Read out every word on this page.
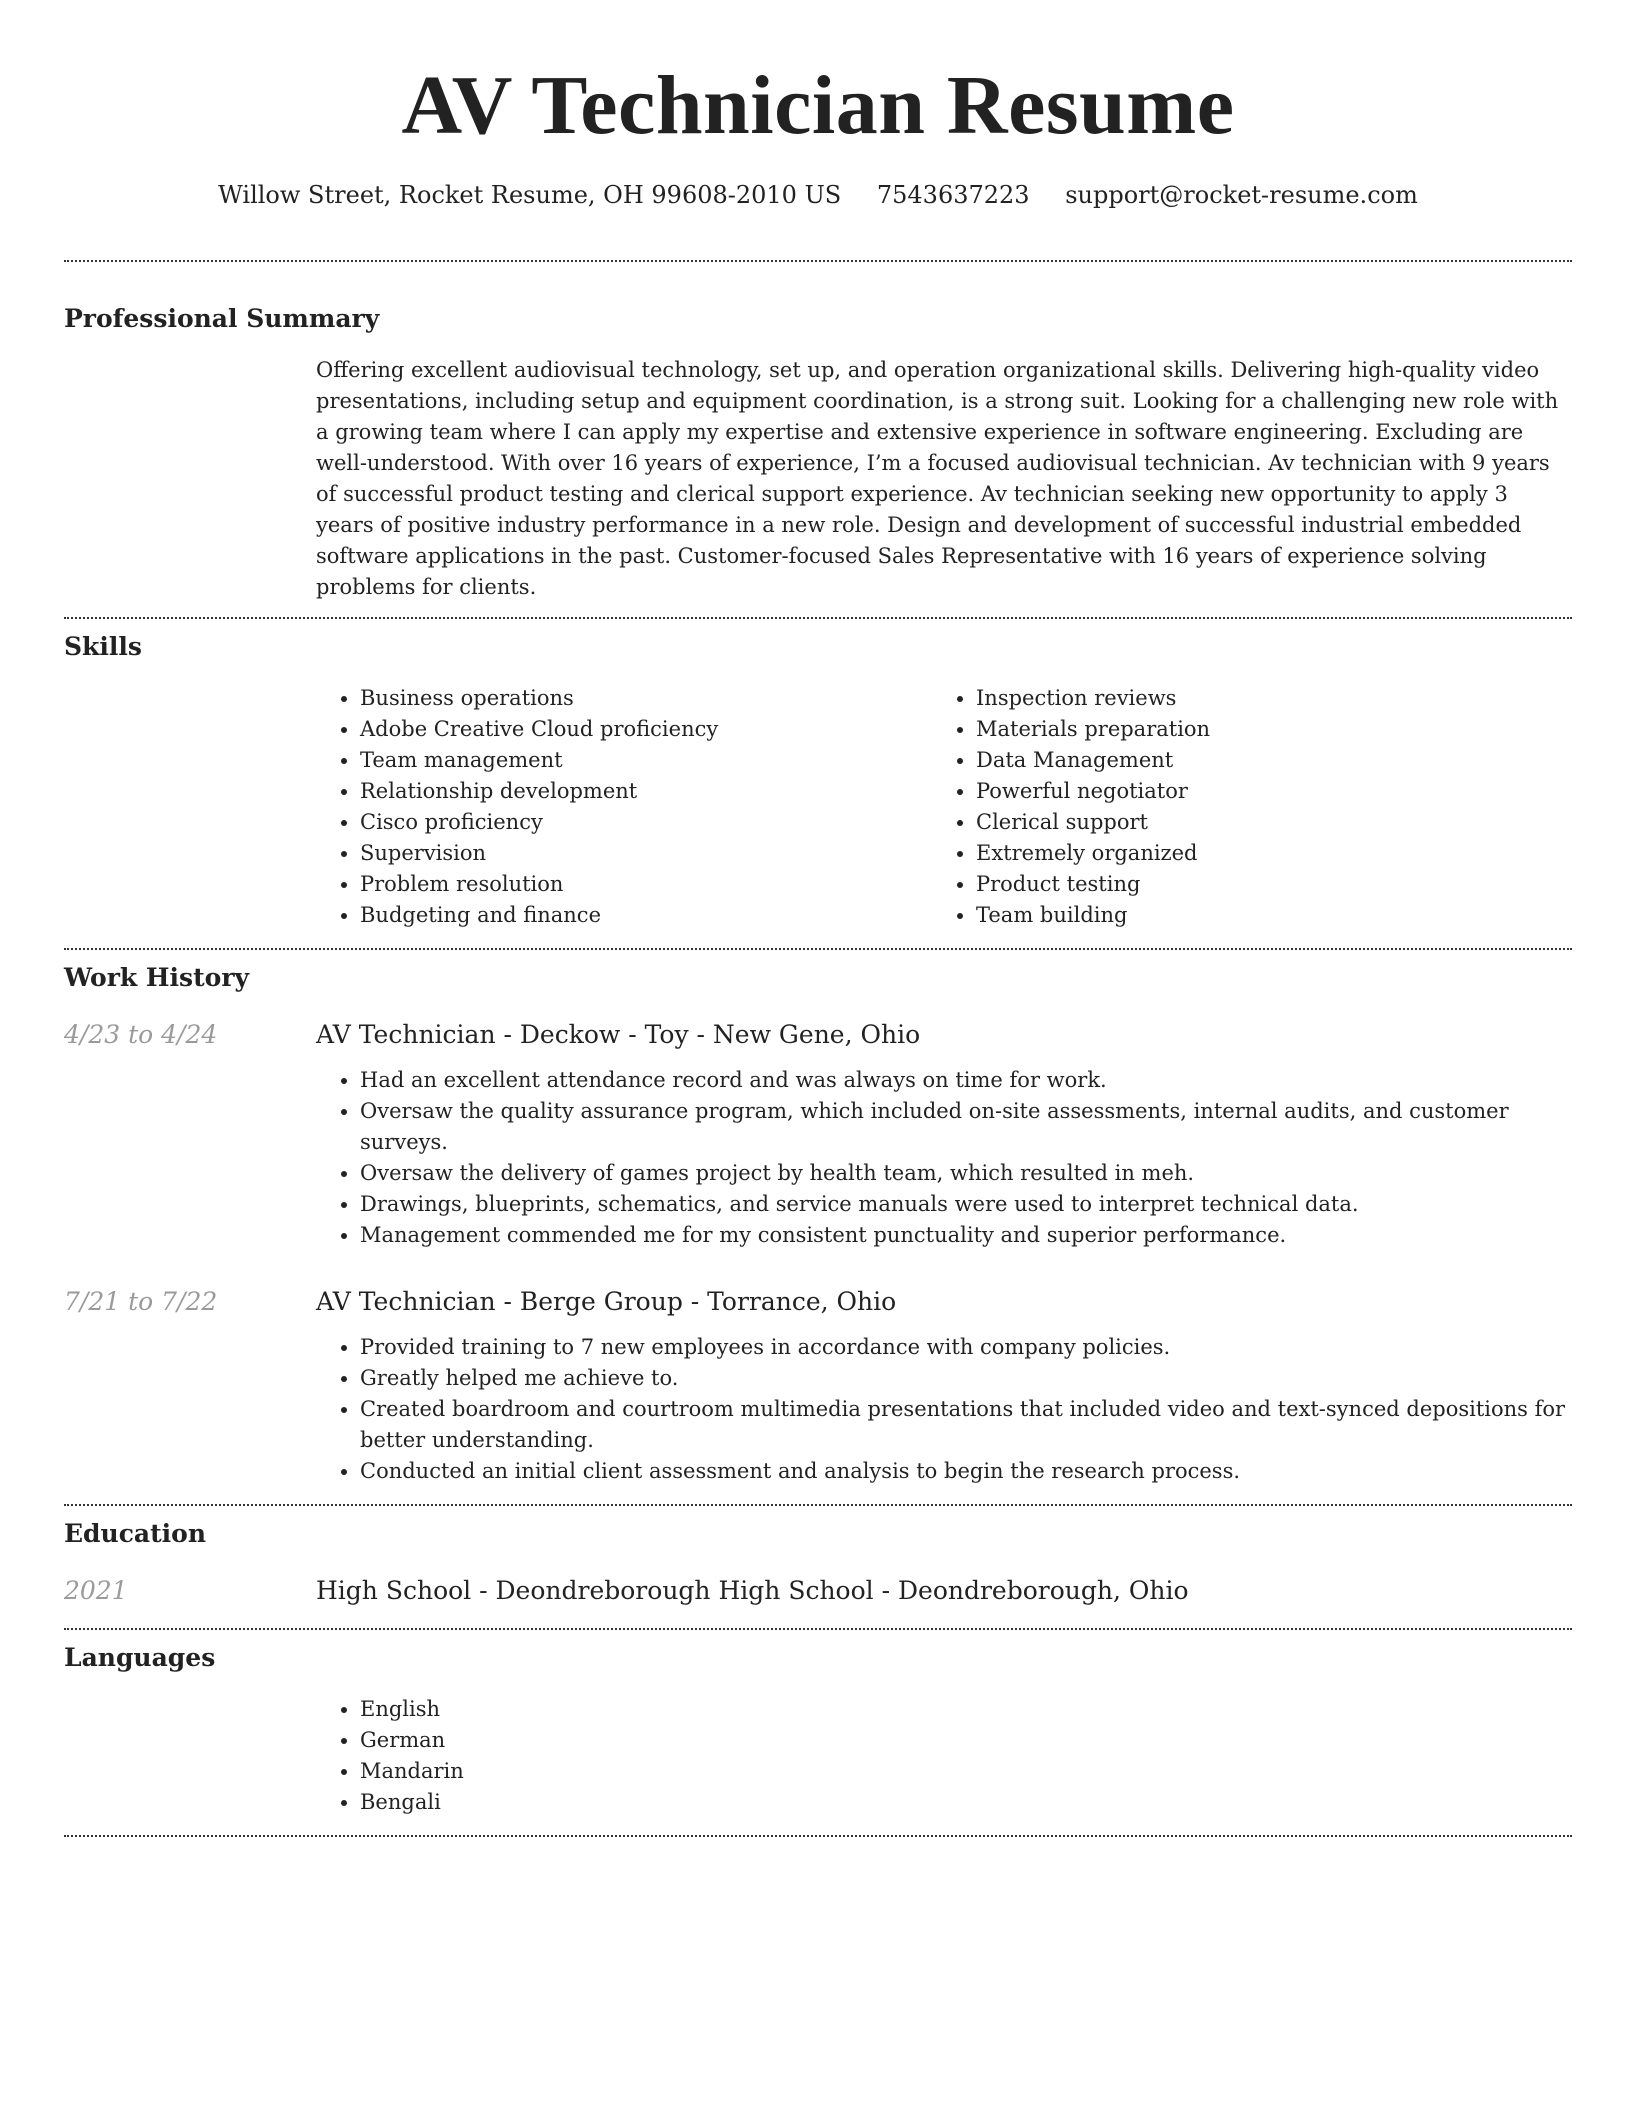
AV Technician Resume
Willow Street, Rocket Resume, OH 99608-2010 US 7543637223 support@rocket-resume.com
Professional Summary

Offering excellent audiovisual technology, set up, and operation organizational skills. Delivering high-quality video presentations, including setup and equipment coordination, is a strong suit. Looking for a challenging new role with a growing team where I can apply my expertise and extensive experience in software engineering. Excluding are well-understood. With over 16 years of experience, I’m a focused audiovisual technician. Av technician with 9 years of successful product testing and clerical support experience. Av technician seeking new opportunity to apply 3 years of positive industry performance in a new role. Design and development of successful industrial embedded software applications in the past. Customer-focused Sales Representative with 16 years of experience solving problems for clients.

Skills
• Business operations
• Adobe Creative Cloud proficiency
• Team management
• Relationship development
• Cisco proficiency
• Supervision
• Problem resolution
• Budgeting and finance
• Inspection reviews
• Materials preparation
• Data Management
• Powerful negotiator
• Clerical support
• Extremely organized
• Product testing
• Team building
Work History
4/23 to 4/24	AV Technician - Deckow - Toy - New Gene, Ohio
• Had an excellent attendance record and was always on time for work.
• Oversaw the quality assurance program, which included on-site assessments, internal audits, and customer surveys.
• Oversaw the delivery of games project by health team, which resulted in meh.
• Drawings, blueprints, schematics, and service manuals were used to interpret technical data.
• Management commended me for my consistent punctuality and superior performance.
7/21 to 7/22	AV Technician - Berge Group - Torrance, Ohio
• Provided training to 7 new employees in accordance with company policies.
• Greatly helped me achieve to.
• Created boardroom and courtroom multimedia presentations that included video and text-synced depositions for better understanding.
• Conducted an initial client assessment and analysis to begin the research process.
Education
2021	High School - Deondreborough High School - Deondreborough, Ohio
Languages
• English
• German
• Mandarin
• Bengali
